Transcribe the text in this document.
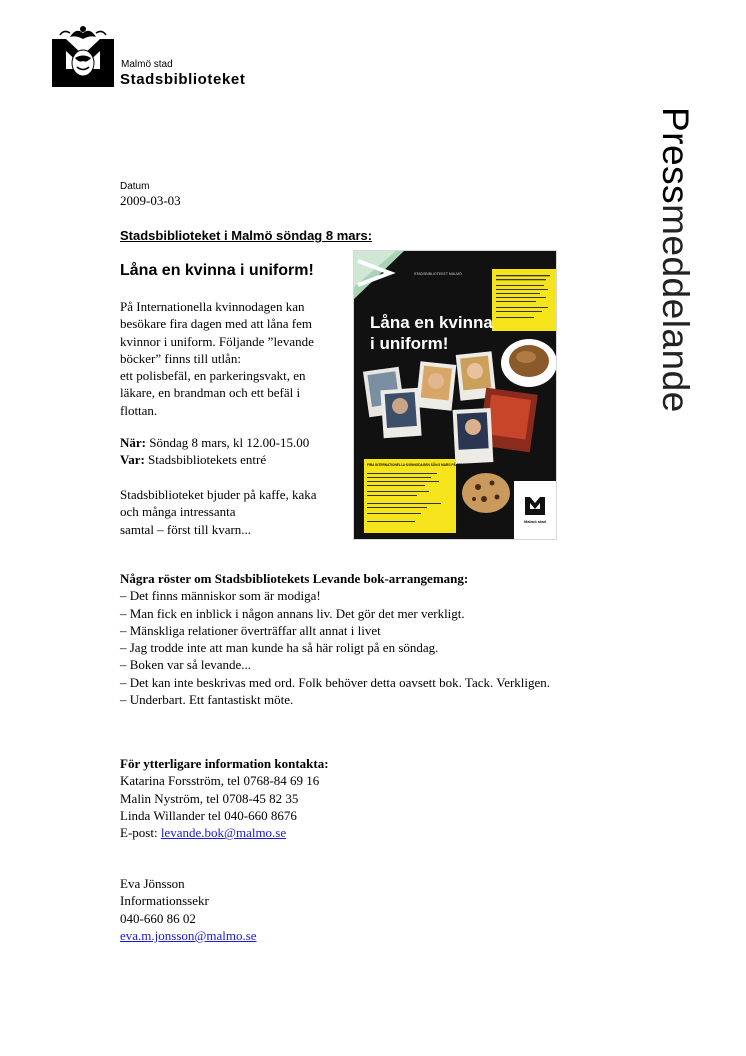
Malmö stad
Stadsbiblioteket
Pressmeddelande
Datum
2009-03-03
Stadsbiblioteket i Malmö söndag 8 mars:
Låna en kvinna i uniform!
På Internationella kvinnodagen kan
besökare fira dagen med att låna fem
kvinnor i uniform. Följande ”levande
böcker” finns till utlån:
ett polisbefäl, en parkeringsvakt, en
läkare, en brandman och ett befäl i
flottan.
När: Söndag 8 mars, kl 12.00-15.00
Var: Stadsbibliotekets entré
Stadsbiblioteket bjuder på kaffe, kaka
och många intressanta
samtal – först till kvarn...
STADSBIBLIOTEKET MALMÖ
Låna en kvinna
i uniform!
FIRA INTERNATIONELLA KVINNODAGEN SÖN 8 MARS PÅ STADSBIBLIOTEKET I MALMÖ
Malmö stad
Några röster om Stadsbibliotekets Levande bok-arrangemang:
– Det finns människor som är modiga!
– Man fick en inblick i någon annans liv. Det gör det mer verkligt.
– Mänskliga relationer överträffar allt annat i livet
– Jag trodde inte att man kunde ha så här roligt på en söndag.
– Boken var så levande...
– Det kan inte beskrivas med ord. Folk behöver detta oavsett bok. Tack. Verkligen.
– Underbart. Ett fantastiskt möte.
För ytterligare information kontakta:
Katarina Forsström, tel 0768-84 69 16
Malin Nyström, tel 0708-45 82 35
Linda Willander tel 040-660 8676
E-post: levande.bok@malmo.se
Eva Jönsson
Informationssekr
040-660 86 02
eva.m.jonsson@malmo.se
